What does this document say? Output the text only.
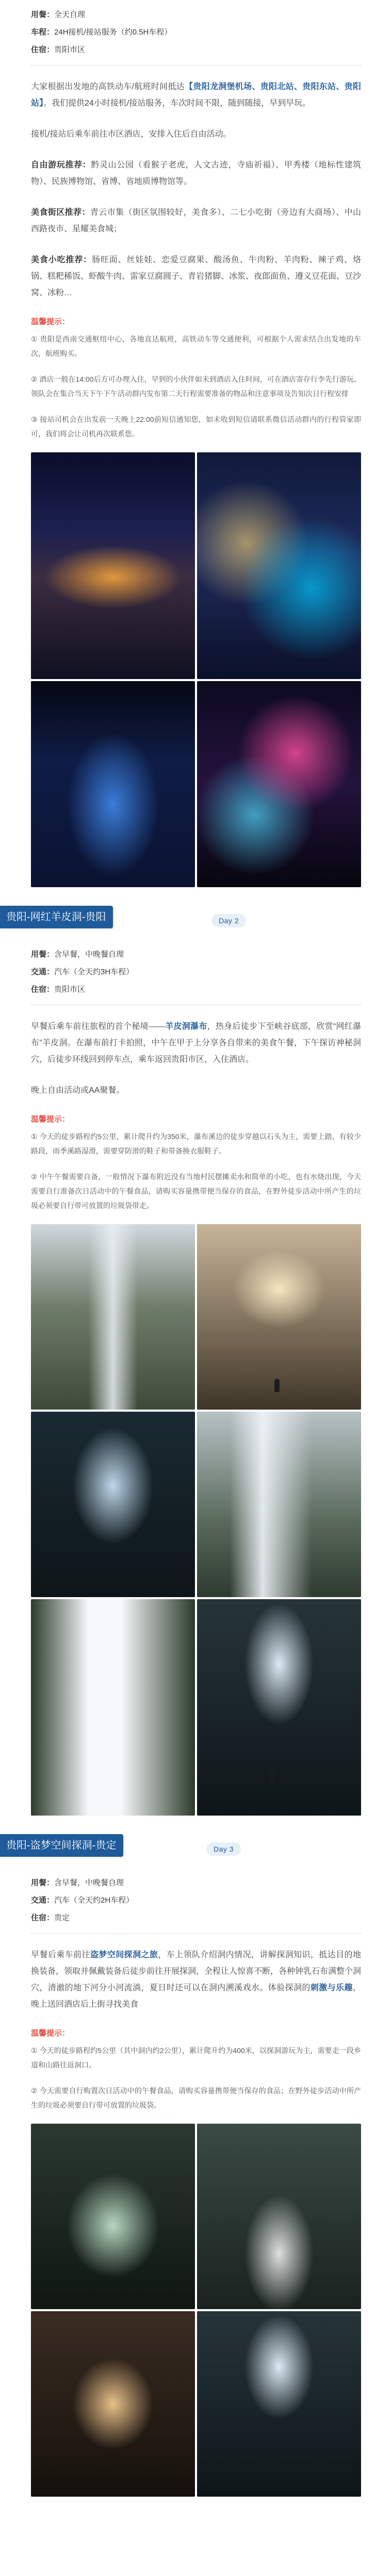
用餐：全天自理
车程：24H接机/接站服务（约0.5H车程）
住宿：贵阳市区

大家根据出发地的高铁动车/航班时间抵达【贵阳龙洞堡机场、贵阳北站、贵阳东站、贵阳站】。我们提供24小时接机/接站服务，车次时间不限，随到随接，早到早玩。

接机/接站后乘车前往市区酒店，安排入住后自由活动。

自由游玩推荐：黔灵山公园（看猴子老虎，人文古迹，寺庙祈福）、甲秀楼（地标性建筑物）、民族博物馆、省博、省地质博物馆等。

美食街区推荐：青云市集（街区氛围较好，美食多）、二七小吃街（旁边有大商场）、中山西路夜市、星耀美食城；

美食小吃推荐：肠旺面、丝娃娃、恋爱豆腐果、酸汤鱼、牛肉粉、羊肉粉、辣子鸡、烙锅、糕粑稀饭、虾酸牛肉、雷家豆腐圆子、青岩猪脚、冰浆、夜郎面鱼、遵义豆花面、豆沙窝、冰粉…

温馨提示：

① 贵阳是西南交通枢纽中心，各地直达航班，高铁动车等交通便利，可根据个人需求结合出发地的车次，航班购买。

② 酒店一般在14:00后方可办理入住，早到的小伙伴如未到酒店入住时间，可在酒店寄存行李先行游玩。领队会在集合当天下午下午活动群内发布第二天行程需要准备的物品和注意事项及告知次日行程安排

③ 接站司机会在出发前一天晚上22:00前短信通知您，如未收到短信请联系微信活动群内的行程管家即可，我们将会让司机再次联系您。

贵阳-网红羊皮洞-贵阳	Day 2
用餐：含早餐，中晚餐自理
交通：汽车（全天约3H车程）
住宿：贵阳市区

早餐后乘车前往旅程的首个秘境——羊皮洞瀑布，热身后徒步下至峡谷底部，欣赏“网红瀑布”羊皮洞。在瀑布前打卡拍照，中午在甲于上分享各自带来的美食午餐，下午探访神秘洞穴，后徒步环线回到停车点，乘车返回贵阳市区，入住酒店。

晚上自由活动或AA聚餐。

温馨提示：

① 今天的徒步路程约5公里，累计爬升约为350米，瀑布溪边的徒步穿越以石头为主，需要上踏，有较少路段，雨季溪路湿滑，需要穿防滑的鞋子和带备换衣服鞋子。

② 中午午餐需要自备，一般情况下瀑布附近没有当地村民摆摊卖水和简单的小吃，也有水烧出现，今天需要自行准备次日活动中的午餐食品，请购买容量携带便当保存的食品，在野外徒步活动中所产生的垃圾必须要自行带可放置的垃圾袋带走。

贵阳-盗梦空间探洞-贵定	Day 3
用餐：含早餐，中晚餐自理
交通：汽车（全天约2H车程）
住宿：贵定

早餐后乘车前往盗梦空间探洞之旅，车上领队介绍洞内情况，讲解探洞知识，抵达目的地换装备，领取并佩戴装备后徒步前往开展探洞，全程让人惊喜不断，各种钟乳石布满整个洞穴，清澈的地下河分小河流淌，夏日时还可以在洞内溯溪戏水。体验探洞的刺激与乐趣，晚上送回酒店后上街寻找美食

温馨提示：

① 今天的徒步路程约5公里（其中洞内约2公里），累计爬升约为400米，以探洞游玩为主，需要走一段乡道和山路往返洞口。

② 今天需要自行购置次日活动中的午餐食品，请购买容量携带便当保存的食品；在野外徒步活动中所产生的垃圾必须要自行带可放置的垃圾袋。
